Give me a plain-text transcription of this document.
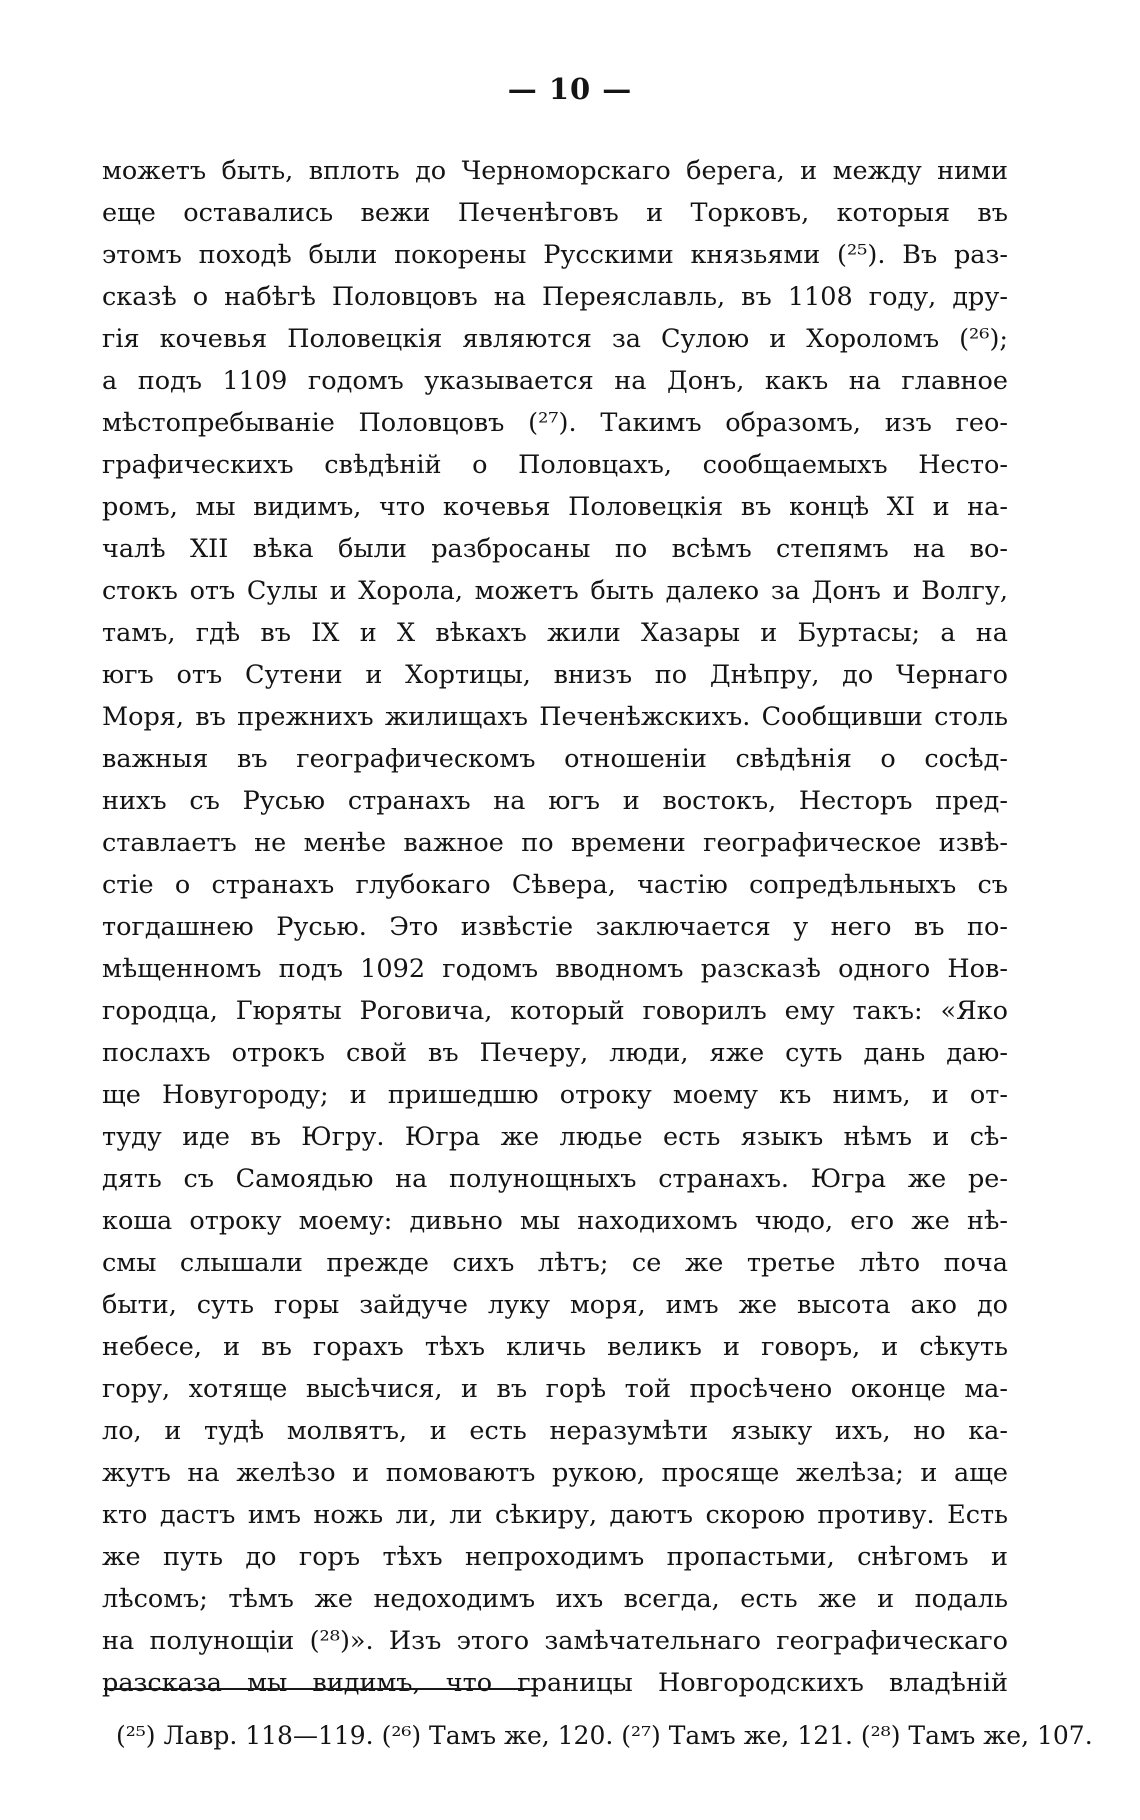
— 10 —
можетъ быть, вплоть до Черноморскаго берега, и между ними
еще оставались вежи Печенѣговъ и Торковъ, которыя въ
этомъ походѣ были покорены Русскими князьями (²⁵). Въ раз-
сказѣ о набѣгѣ Половцовъ на Переяславль, въ 1108 году, дру-
гія кочевья Половецкія являются за Сулою и Хороломъ (²⁶);
а подъ 1109 годомъ указывается на Донъ, какъ на главное
мѣстопребываніе Половцовъ (²⁷). Такимъ образомъ, изъ гео-
графическихъ свѣдѣній о Половцахъ, сообщаемыхъ Несто-
ромъ, мы видимъ, что кочевья Половецкія въ концѣ XI и на-
чалѣ XII вѣка были разбросаны по всѣмъ степямъ на во-
стокъ отъ Сулы и Хорола, можетъ быть далеко за Донъ и Волгу,
тамъ, гдѣ въ IX и X вѣкахъ жили Хазары и Буртасы; а на
югъ отъ Сутени и Хортицы, внизъ по Днѣпру, до Чернаго
Моря, въ прежнихъ жилищахъ Печенѣжскихъ. Сообщивши столь
важныя въ географическомъ отношеніи свѣдѣнія о сосѣд-
нихъ съ Русью странахъ на югъ и востокъ, Несторъ пред-
ставлаетъ не менѣе важное по времени географическое извѣ-
стіе о странахъ глубокаго Сѣвера, частію сопредѣльныхъ съ
тогдашнею Русью. Это извѣстіе заключается у него въ по-
мѣщенномъ подъ 1092 годомъ вводномъ разсказѣ одного Нов-
городца, Гюряты Роговича, который говорилъ ему такъ: «Яко
послахъ отрокъ свой въ Печеру, люди, яже суть дань даю-
ще Новугороду; и пришедшю отроку моему къ нимъ, и от-
туду иде въ Югру. Югра же людье есть языкъ нѣмъ и сѣ-
дять съ Самоядью на полунощныхъ странахъ. Югра же ре-
коша отроку моему: дивьно мы находихомъ чюдо, его же нѣ-
смы слышали прежде сихъ лѣтъ; се же третье лѣто поча
быти, суть горы зайдуче луку моря, имъ же высота ако до
небесе, и въ горахъ тѣхъ кличь великъ и говоръ, и сѣкуть
гору, хотяще высѣчися, и въ горѣ той просѣчено оконце ма-
ло, и тудѣ молвятъ, и есть неразумѣти языку ихъ, но ка-
жутъ на желѣзо и помоваютъ рукою, просяще желѣза; и аще
кто дастъ имъ ножь ли, ли сѣкиру, даютъ скорою противу. Есть
же путь до горъ тѣхъ непроходимъ пропастьми, снѣгомъ и
лѣсомъ; тѣмъ же недоходимъ ихъ всегда, есть же и подаль
на полунощіи (²⁸)». Изъ этого замѣчательнаго географическаго
разсказа мы видимъ, что границы Новгородскихъ владѣній
(²⁵) Лавр. 118—119. (²⁶) Тамъ же, 120. (²⁷) Тамъ же, 121. (²⁸) Тамъ же, 107.
